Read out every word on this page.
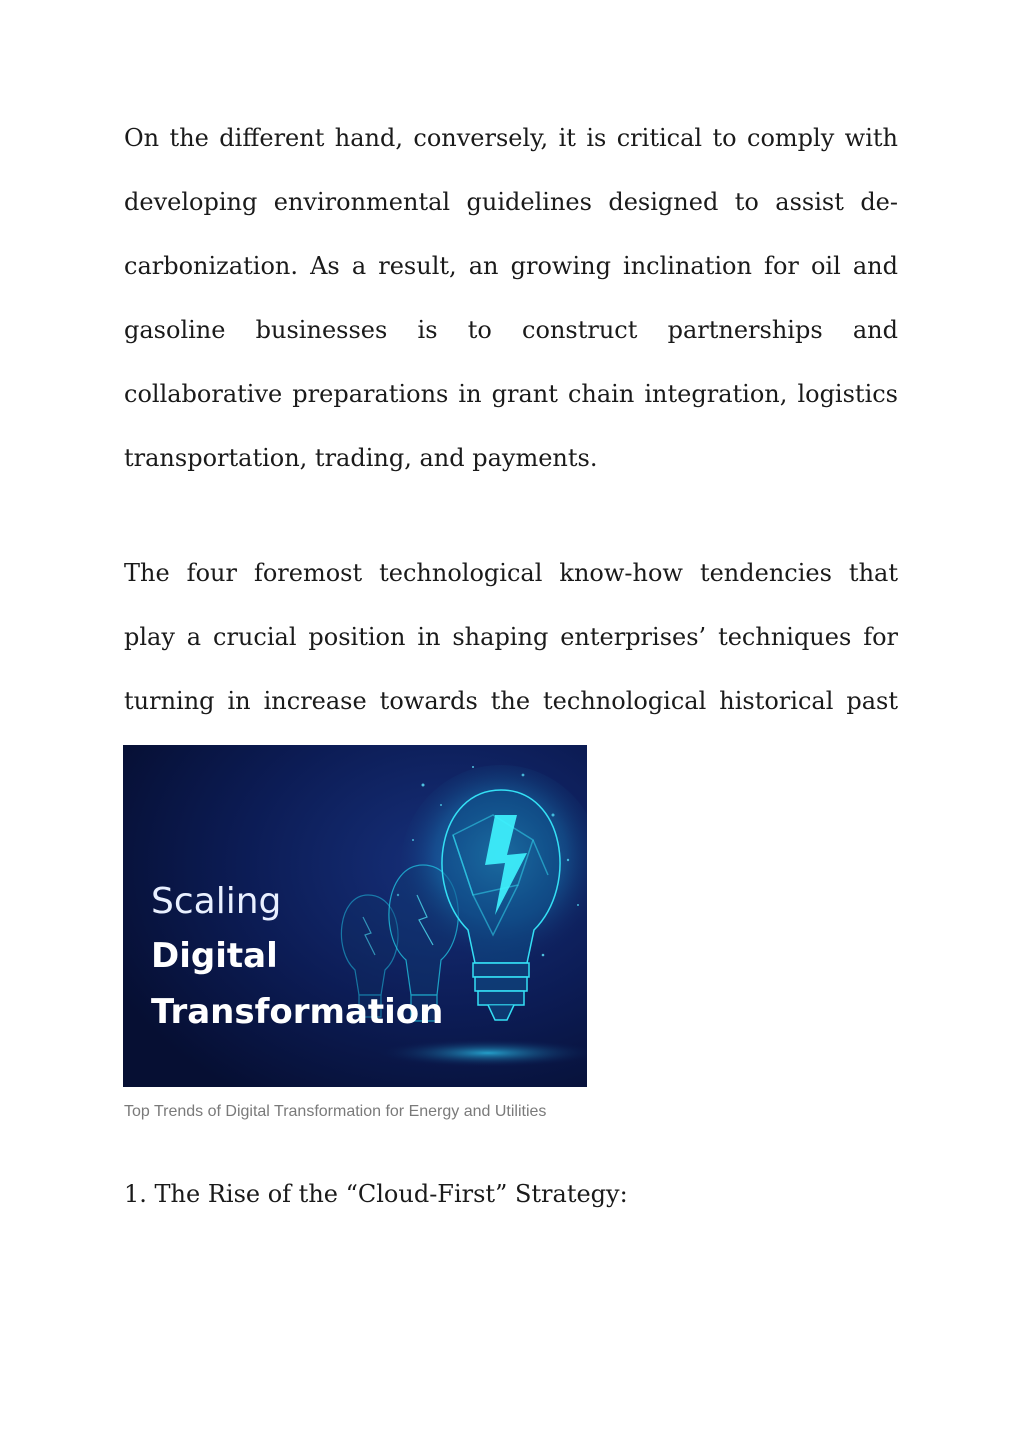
On the different hand, conversely, it is critical to comply with developing environmental guidelines designed to assist de-carbonization. As a result, an growing inclination for oil and gasoline businesses is to construct partnerships and collaborative preparations in grant chain integration, logistics transportation, trading, and payments.

The four foremost technological know-how tendencies that play a crucial position in shaping enterprises’ techniques for turning in increase towards the technological historical past

Scaling
Digital
Transformation

Top Trends of Digital Transformation for Energy and Utilities

1. The Rise of the “Cloud-First” Strategy:
